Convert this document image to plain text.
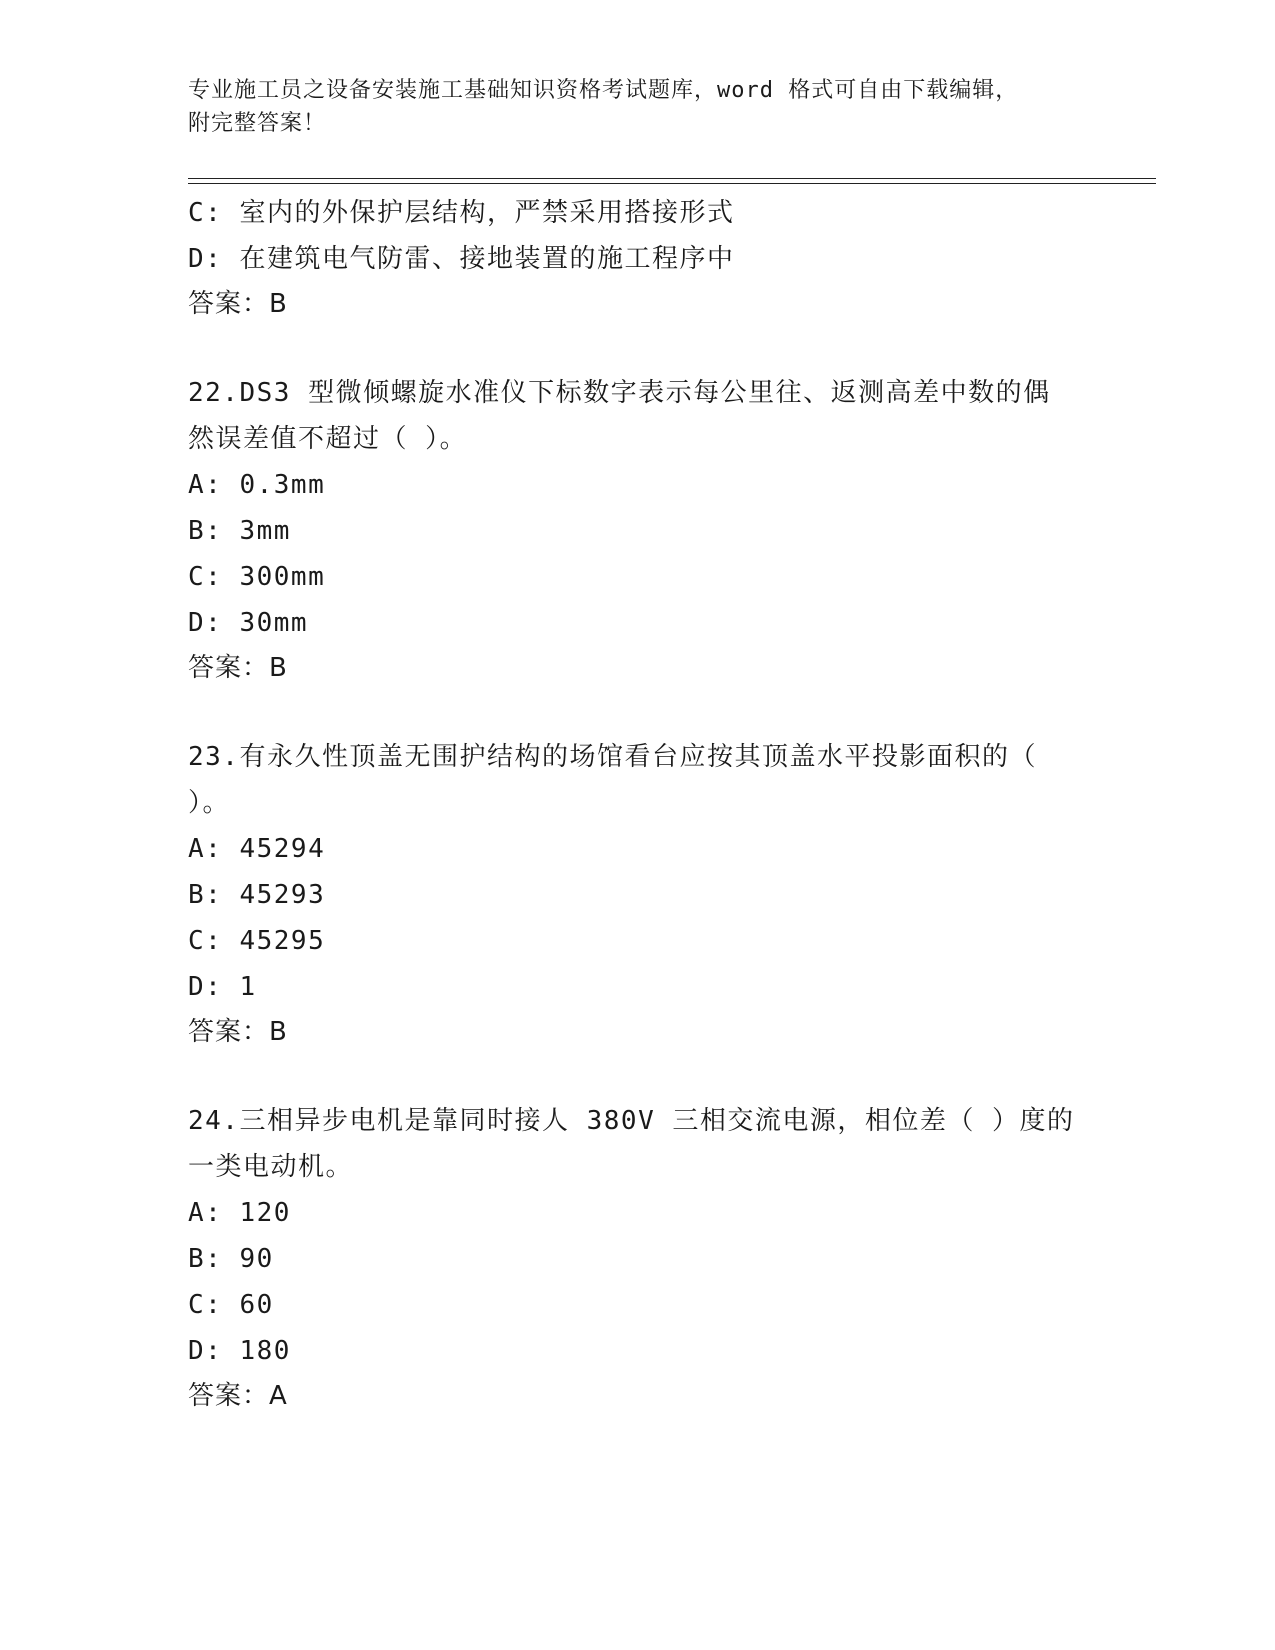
专业施工员之设备安装施工基础知识资格考试题库，word 格式可自由下载编辑，
附完整答案！
C: 室内的外保护层结构，严禁采用搭接形式
D: 在建筑电气防雷、接地装置的施工程序中
答案：B
22.DS3 型微倾螺旋水准仪下标数字表示每公里往、返测高差中数的偶
然误差值不超过（ ）。
A: 0.3mm
B: 3mm
C: 300mm
D: 30mm
答案：B
23.有永久性顶盖无围护结构的场馆看台应按其顶盖水平投影面积的（
）。
A: 45294
B: 45293
C: 45295
D: 1
答案：B
24.三相异步电机是靠同时接人 380V 三相交流电源，相位差（ ）度的
一类电动机。
A: 120
B: 90
C: 60
D: 180
答案：A
